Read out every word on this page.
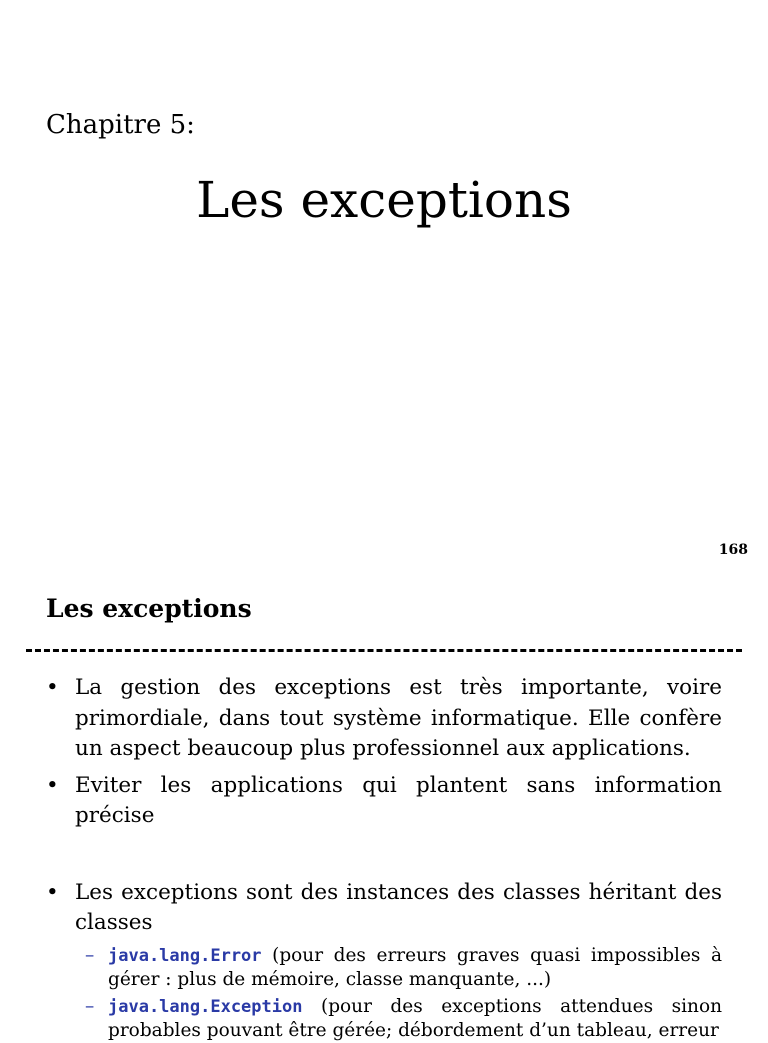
Chapitre 5:
Les exceptions
168
Les exceptions
• La gestion des exceptions est très importante, voire primordiale, dans tout système informatique. Elle confère un aspect beaucoup plus professionnel aux applications.
• Eviter les applications qui plantent sans information précise
• Les exceptions sont des instances des classes héritant des classes
– java.lang.Error (pour des erreurs graves quasi impossibles à gérer : plus de mémoire, classe manquante, ...)
– java.lang.Exception (pour des exceptions attendues sinon probables pouvant être gérée; débordement d’un tableau, erreur
